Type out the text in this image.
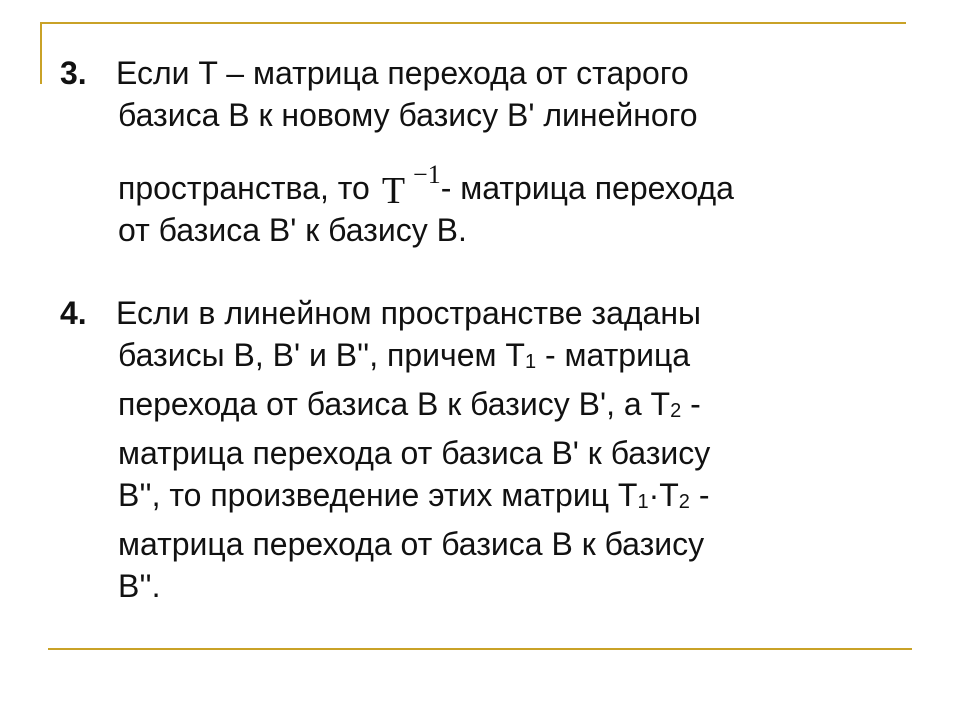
3. Если T – матрица перехода от старого

базиса B к новому базису B' линейного

пространства, то T $^{-1}$- матрица перехода

от базиса B' к базису B.

4. Если в линейном пространстве заданы

базисы B, B' и B'', причем $T_1$ - матрица

перехода от базиса B к базису B', а $T_2$ -

матрица перехода от базиса B' к базису

B'', то произведение этих матриц $T_1\cdot T_2$ -

матрица перехода от базиса B к базису

B''.
